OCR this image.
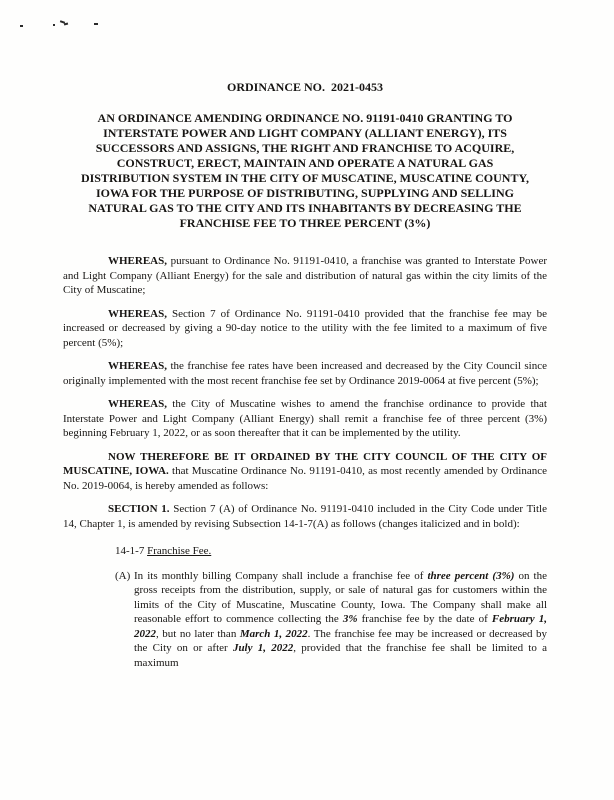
ORDINANCE NO.  2021-0453
AN ORDINANCE AMENDING ORDINANCE NO. 91191-0410 GRANTING TO
INTERSTATE POWER AND LIGHT COMPANY (ALLIANT ENERGY), ITS
SUCCESSORS AND ASSIGNS, THE RIGHT AND FRANCHISE TO ACQUIRE,
CONSTRUCT, ERECT, MAINTAIN AND OPERATE A NATURAL GAS
DISTRIBUTION SYSTEM IN THE CITY OF MUSCATINE, MUSCATINE COUNTY,
IOWA FOR THE PURPOSE OF DISTRIBUTING, SUPPLYING AND SELLING
NATURAL GAS TO THE CITY AND ITS INHABITANTS BY DECREASING THE
FRANCHISE FEE TO THREE PERCENT (3%)

WHEREAS, pursuant to Ordinance No. 91191-0410, a franchise was granted to Interstate Power and Light Company (Alliant Energy) for the sale and distribution of natural gas within the city limits of the City of Muscatine;

WHEREAS, Section 7 of Ordinance No. 91191-0410 provided that the franchise fee may be increased or decreased by giving a 90-day notice to the utility with the fee limited to a maximum of five percent (5%);

WHEREAS, the franchise fee rates have been increased and decreased by the City Council since originally implemented with the most recent franchise fee set by Ordinance 2019-0064 at five percent (5%);

WHEREAS, the City of Muscatine wishes to amend the franchise ordinance to provide that Interstate Power and Light Company (Alliant Energy) shall remit a franchise fee of three percent (3%) beginning February 1, 2022, or as soon thereafter that it can be implemented by the utility.

NOW THEREFORE BE IT ORDAINED BY THE CITY COUNCIL OF THE CITY OF MUSCATINE, IOWA. that Muscatine Ordinance No. 91191-0410, as most recently amended by Ordinance No. 2019-0064, is hereby amended as follows:

SECTION 1. Section 7 (A) of Ordinance No. 91191-0410 included in the City Code under Title 14, Chapter 1, is amended by revising Subsection 14-1-7(A) as follows (changes italicized and in bold):

14-1-7 Franchise Fee.
(A) In its monthly billing Company shall include a franchise fee of three percent (3%) on the gross receipts from the distribution, supply, or sale of natural gas for customers within the limits of the City of Muscatine, Muscatine County, Iowa. The Company shall make all reasonable effort to commence collecting the 3% franchise fee by the date of February 1, 2022, but no later than March 1, 2022. The franchise fee may be increased or decreased by the City on or after July 1, 2022, provided that the franchise fee shall be limited to a maximum
